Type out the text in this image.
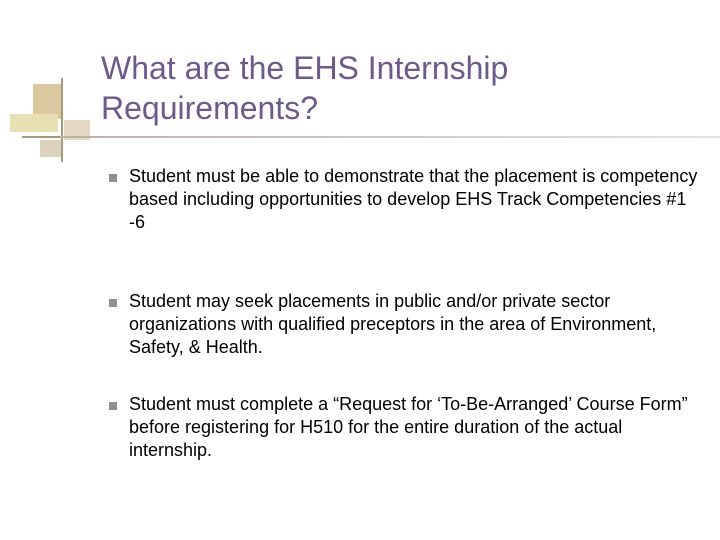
What are the EHS Internship Requirements?
Student must be able to demonstrate that the placement is competency based including opportunities to develop EHS Track Competencies #1 -6
Student may seek placements in public and/or private sector organizations with qualified preceptors in the area of Environment, Safety, & Health.
Student must complete a “Request for ‘To-Be-Arranged’ Course Form” before registering for H510 for the entire duration of the actual internship.
